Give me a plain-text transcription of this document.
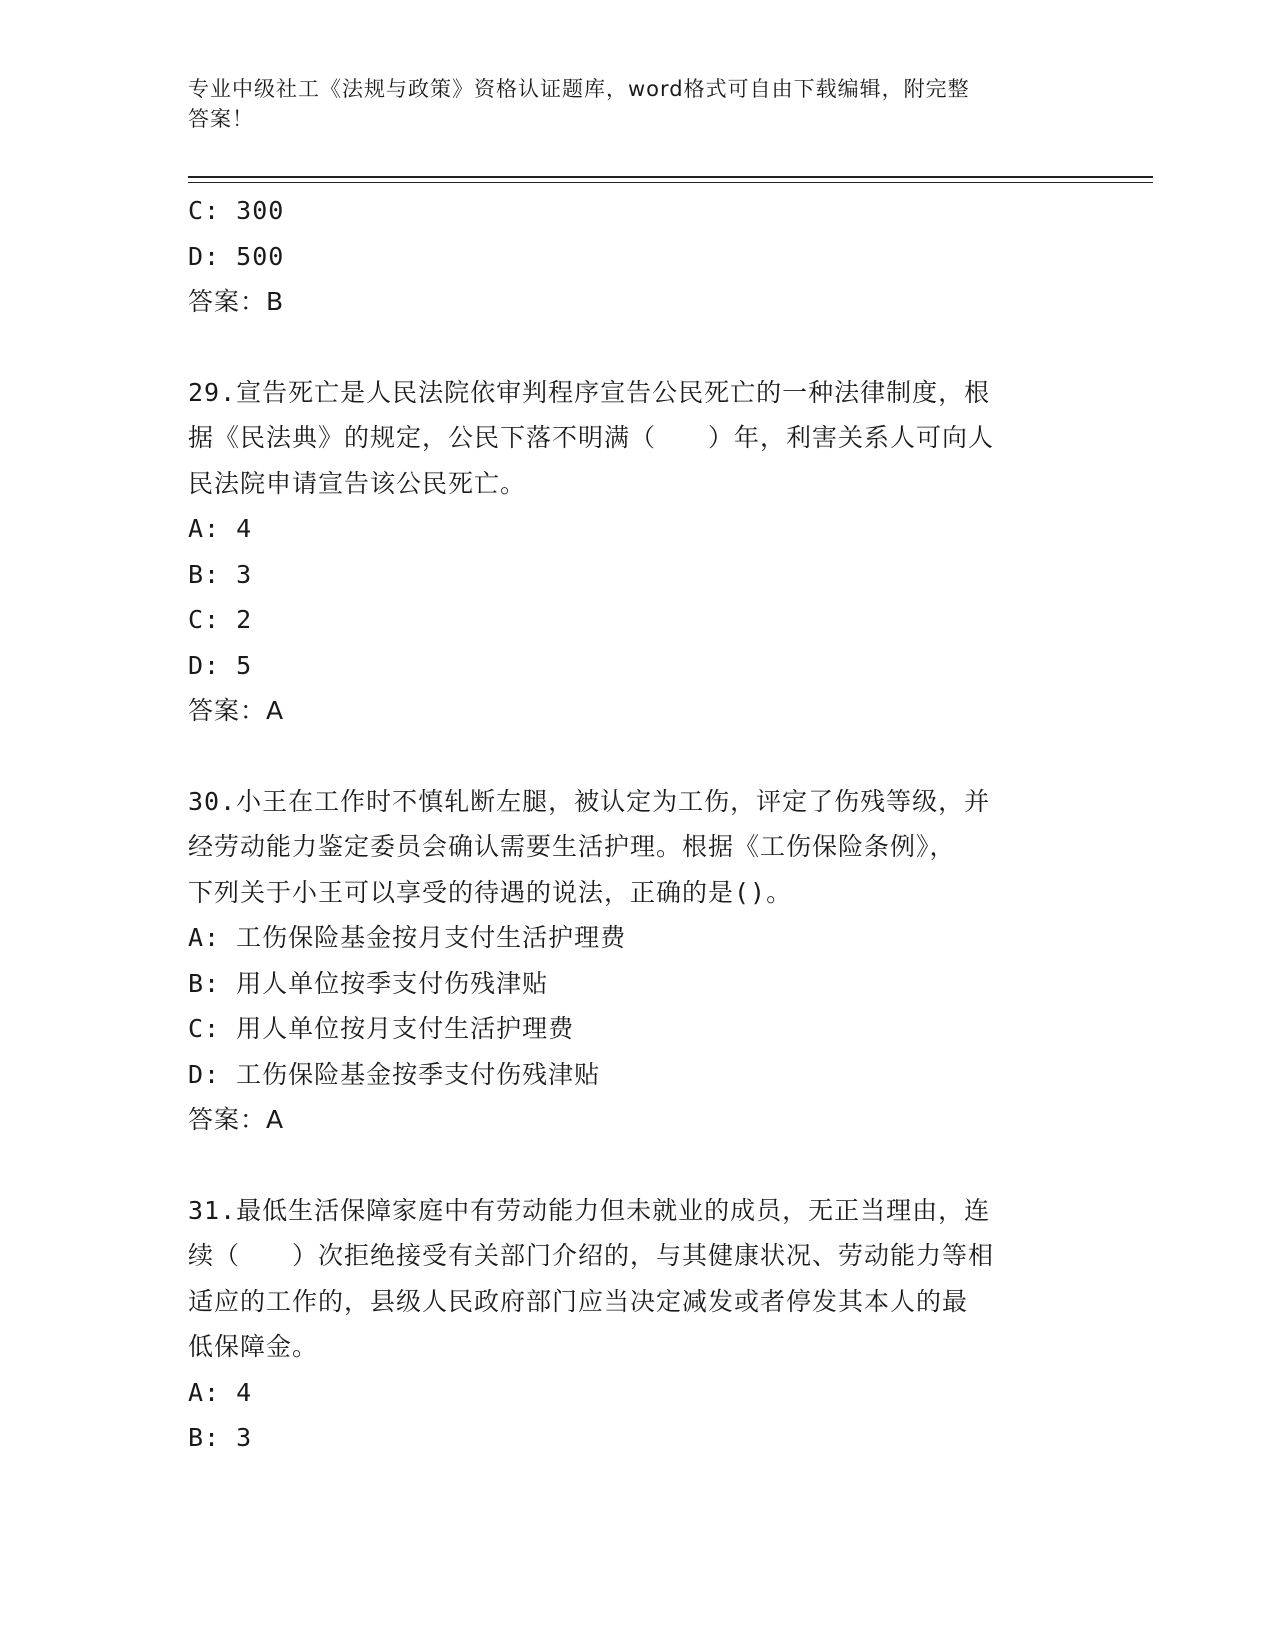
专业中级社工《法规与政策》资格认证题库，word格式可自由下载编辑，附完整
答案！
C: 300
D: 500
答案：B
29.宣告死亡是人民法院依审判程序宣告公民死亡的一种法律制度，根
据《民法典》的规定，公民下落不明满（　　）年，利害关系人可向人
民法院申请宣告该公民死亡。
A: 4
B: 3
C: 2
D: 5
答案：A
30.小王在工作时不慎轧断左腿，被认定为工伤，评定了伤残等级，并
经劳动能力鉴定委员会确认需要生活护理。根据《工伤保险条例》，
下列关于小王可以享受的待遇的说法，正确的是()。
A: 工伤保险基金按月支付生活护理费
B: 用人单位按季支付伤残津贴
C: 用人单位按月支付生活护理费
D: 工伤保险基金按季支付伤残津贴
答案：A
31.最低生活保障家庭中有劳动能力但未就业的成员，无正当理由，连
续（　　）次拒绝接受有关部门介绍的，与其健康状况、劳动能力等相
适应的工作的，县级人民政府部门应当决定减发或者停发其本人的最
低保障金。
A: 4
B: 3
